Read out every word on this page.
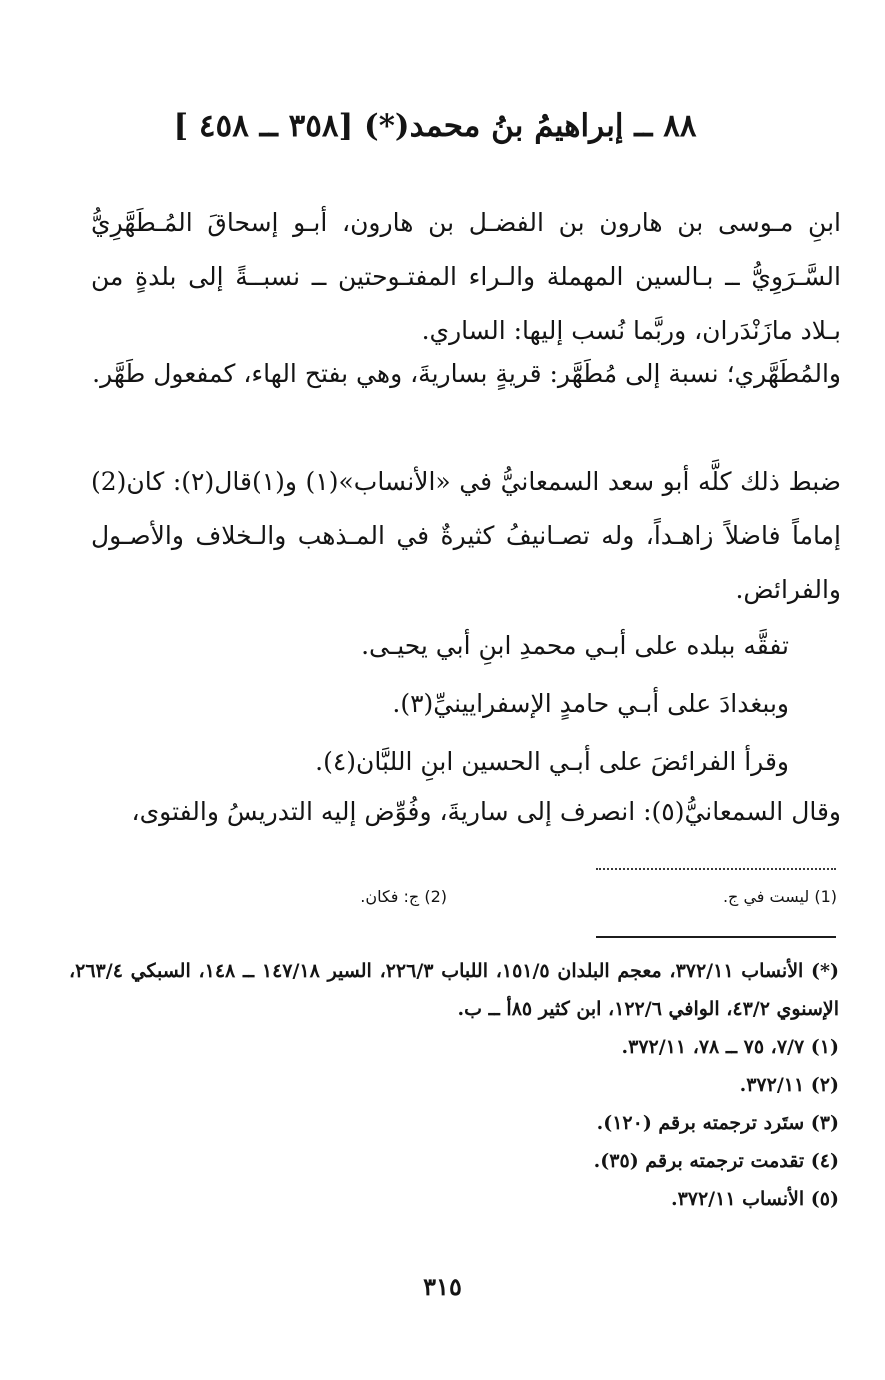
٨٨ ــ إبراهيمُ بنُ محمد(*) [٣٥٨ ــ ٤٥٨ ]
ابنِ مـوسى بن هارون بن الفضـل بن هارون، أبـو إسحاقَ المُـطَهَّرِيُّ السَّـرَوِيُّ ــ بـالسين المهملة والـراء المفتـوحتين ــ نسبــةً إلى بلدةٍ من بـلاد مازَنْدَران، وربَّما نُسب إليها: الساري.
والمُطَهَّري؛ نسبة إلى مُطَهَّر: قريةٍ بساريةَ، وهي بفتح الهاء، كمفعول طَهَّر.
ضبط ذلك كلَّه أبو سعد السمعانيُّ في «الأنساب»(١) و(١)قال(٢): كان(2) إماماً فاضلاً زاهـداً، وله تصـانيفُ كثيرةٌ في المـذهب والـخلاف والأصـول والفرائض.
تفقَّه ببلده على أبـي محمدِ ابنِ أبي يحيـى.
وببغدادَ على أبـي حامدٍ الإسفرايينيِّ(٣).
وقرأ الفرائضَ على أبـي الحسين ابنِ اللبَّان(٤).
وقال السمعانيُّ(٥): انصرف إلى ساريةَ، وفُوِّض إليه التدريسُ والفتوى،
(1) ليست في ج.
(2) ج: فكان.
(*) الأنساب ٣٧٢/١١، معجم البلدان ١٥١/٥، اللباب ٢٢٦/٣، السير ١٤٧/١٨ ــ ١٤٨، السبكي ٢٦٣/٤، الإسنوي ٤٣/٢، الوافي ١٢٢/٦، ابن كثير ٨٥أ ــ ب.
(١) ٧/٧، ٧٥ ــ ٧٨، ٣٧٢/١١.
(٢) ٣٧٢/١١.
(٣) ستَرد ترجمته برقم (١٢٠).
(٤) تقدمت ترجمته برقم (٣٥).
(٥) الأنساب ٣٧٢/١١.
٣١٥
